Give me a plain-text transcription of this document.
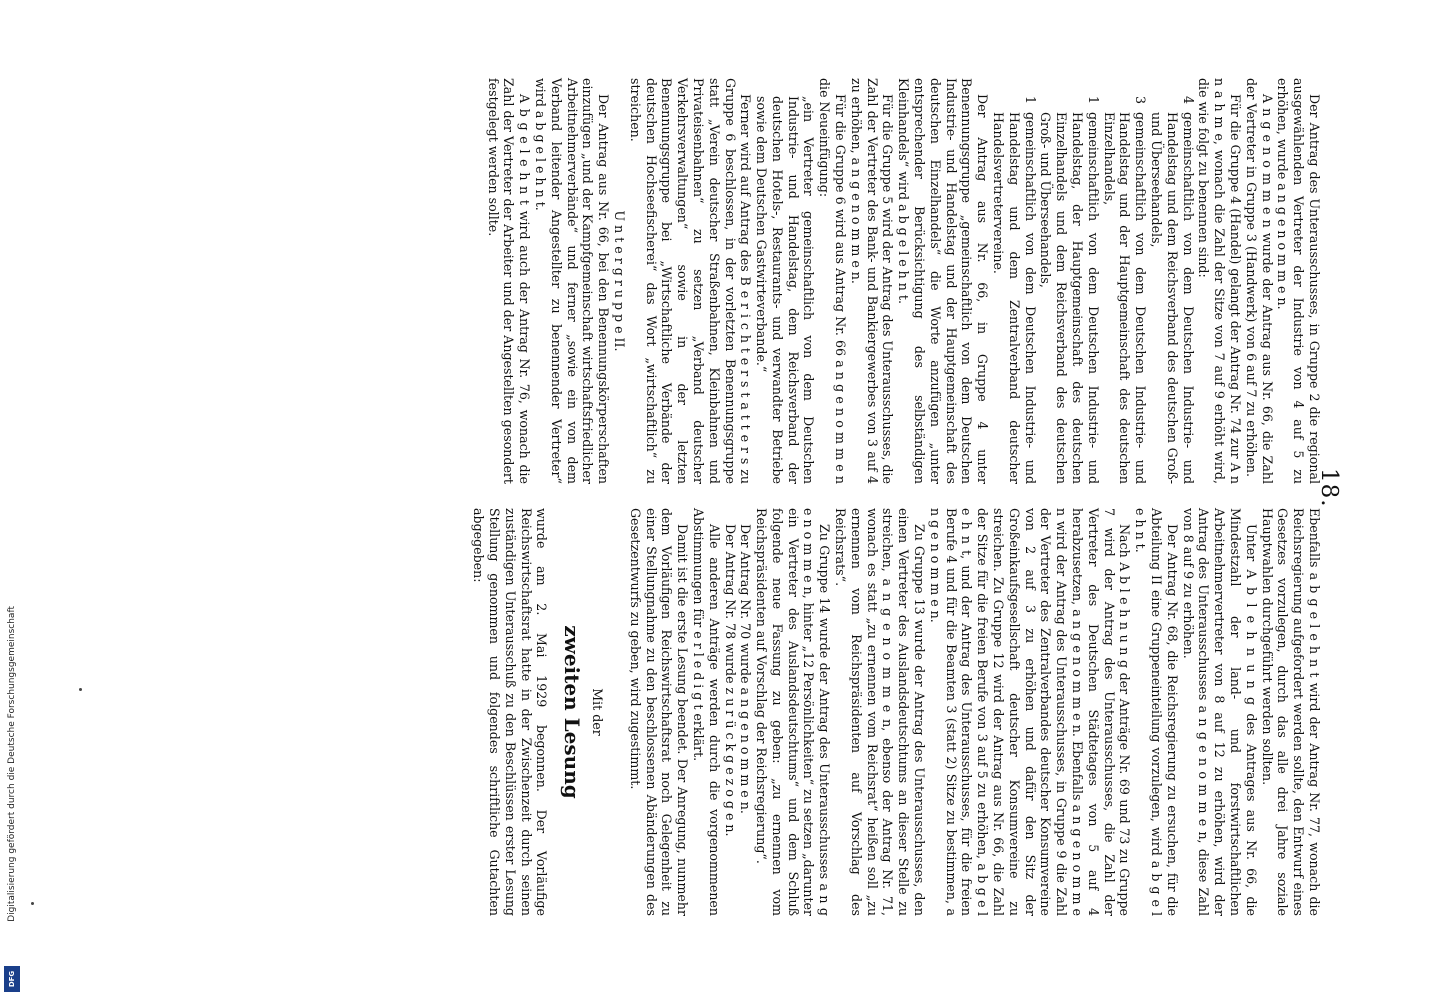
18.

Der Antrag des Unterausschusses, in Gruppe 2 die regional ausgewählenden Vertreter der Industrie von 4 auf 5 zu erhöhen, wurde a n g e n o m m e n.

A n g e n o m m e n wurde der Antrag aus Nr. 66, die Zahl der Vertreter in Gruppe 3 (Handwerk) von 6 auf 7 zu erhöhen.

Für die Gruppe 4 (Handel) gelangt der Antrag Nr. 74 zur A n n a h m e, wonach die Zahl der Sitze von 7 auf 9 erhöht wird, die wie folgt zu benennen sind:

4
gemeinschaftlich von dem Deutschen Industrie- und Handelstag und dem Reichsverband des deutschen Groß- und Überseehandels,
3
gemeinschaftlich von dem Deutschen Industrie- und Handelstag und der Hauptgemeinschaft des deutschen Einzelhandels,
1
gemeinschaftlich von dem Deutschen Industrie- und Handelstag, der Hauptgemeinschaft des deutschen Einzelhandels und dem Reichsverband des deutschen Groß- und Überseehandels,
1
gemeinschaftlich von dem Deutschen Industrie- und Handelstag und dem Zentralverband deutscher Handelsvertretervereine.

Der Antrag aus Nr. 66, in Gruppe 4 unter Benennungsgruppe „gemeinschaftlich von dem Deutschen Industrie- und Handelstag und der Hauptgemeinschaft des deutschen Einzelhandels“ die Worte anzufügen „unter entsprechender Berücksichtigung des selbständigen Kleinhandels“ wird a b g e l e h n t.

Für die Gruppe 5 wird der Antrag des Unterausschusses, die Zahl der Vertreter des Bank- und Bankiergewerbes von 3 auf 4 zu erhöhen, a n g e n o m m e n.

Für die Gruppe 6 wird aus Antrag Nr. 66 a n g e n o m m e n die Neueinfügung:

„ein Vertreter gemeinschaftlich von dem Deutschen Industrie- und Handelstag, dem Reichsverband der deutschen Hotels-, Restaurants- und verwandter Betriebe sowie dem Deutschen Gastwirteverbande.“

Ferner wird auf Antrag des B e r i c h t e r s t a t t e r s zu Gruppe 6 beschlossen, in der vorletzten Benennungsgruppe statt „Verein deutscher Straßenbahnen, Kleinbahnen und Privateisenbahnen“ zu setzen „Verband deutscher Verkehrsverwaltungen“ sowie in der letzten Benennungsgruppe bei „Wirtschaftliche Verbände der deutschen Hochseefischerei“ das Wort „wirtschaftlich“ zu streichen.

U n t e r g r u p p e II.

Der Antrag aus Nr. 66, bei den Benennungskörperschaften einzufügen „und der Kampfgemeinschaft wirtschaftsfriedlicher Arbeitnehmerverbände“ und ferner „sowie ein von dem Verband leitender Angestellter zu benennender Vertreter“ wird a b g e l e h n t.

A b g e l e h n t wird auch der Antrag Nr. 76, wonach die Zahl der Vertreter der Arbeiter und der Angestellten gesondert festgelegt werden sollte.

Ebenfalls a b g e l e h n t wird der Antrag Nr. 77, wonach die Reichsregierung aufgefordert werden sollte, den Entwurf eines Gesetzes vorzulegen, durch das alle drei Jahre soziale Hauptwahlen durchgeführt werden sollten.

Unter A b l e h n u n g des Antrages aus Nr. 66, die Mindestzahl der land- und forstwirtschaftlichen Arbeitnehmervertreter von 8 auf 12 zu erhöhen, wird der Antrag des Unterausschusses a n g e n o m m e n, diese Zahl von 8 auf 9 zu erhöhen.

Der Antrag Nr. 68, die Reichsregierung zu ersuchen, für die Abteilung II eine Gruppeneinteilung vorzulegen, wird a b g e l e h n t.

Nach A b l e h n u n g der Anträge Nr. 69 und 73 zu Gruppe 7 wird der Antrag des Unterausschusses, die Zahl der Vertreter des Deutschen Städtetages von 5 auf 4 herabzusetzen, a n g e n o m m e n. Ebenfalls a n g e n o m m e n wird der Antrag des Unterausschusses, in Gruppe 9 die Zahl der Vertreter des Zentralverbandes deutscher Konsumvereine von 2 auf 3 zu erhöhen und dafür den Sitz der Großeinkaufsgesellschaft deutscher Konsumvereine zu streichen. Zu Gruppe 12 wird der Antrag aus Nr. 66, die Zahl der Sitze für die freien Berufe von 3 auf 5 zu erhöhen, a b g e l e h n t, und der Antrag des Unterausschusses, für die freien Berufe 4 und für die Beamten 3 (statt 2) Sitze zu bestimmen, a n g e n o m m e n.

Zu Gruppe 13 wurde der Antrag des Unterausschusses, den einen Vertreter des Auslandsdeutschtums an dieser Stelle zu streichen, a n g e n o m m e n, ebenso der Antrag Nr. 71, wonach es statt „zu ernennen vom Reichsrat“ heißen soll „zu ernennen vom Reichspräsidenten auf Vorschlag des Reichsrats“.

Zu Gruppe 14 wurde der Antrag des Unterausschusses a n g e n o m m e n, hinter „12 Persönlichkeiten“ zu setzen „darunter ein Vertreter des Auslandsdeutschtums“ und dem Schluß folgende neue Fassung zu geben: „zu ernennen vom Reichspräsidenten auf Vorschlag der Reichsregierung“.

Der Antrag Nr. 70 wurde a n g e n o m m e n.

Der Antrag Nr. 78 wurde z u r ü c k g e z o g e n.

Alle anderen Anträge werden durch die vorgenommenen Abstimmungen für e r l e d i g t erklärt.

Damit ist die erste Lesung beendet. Der Anregung, nunmehr dem Vorläufigen Reichswirtschaftsrat noch Gelegenheit zu einer Stellungnahme zu den beschlossenen Abänderungen des Gesetzentwurfs zu geben, wird zugestimmt.

Mit der

zweiten Lesung

wurde am 2. Mai 1929 begonnen. Der Vorläufige Reichswirtschaftsrat hatte in der Zwischenzeit durch seinen zuständigen Unterausschuß zu den Beschlüssen erster Lesung Stellung genommen und folgendes schriftliche Gutachten abgegeben:

Digitalisierung gefördert durch die Deutsche Forschungsgemeinschaft
DFG
